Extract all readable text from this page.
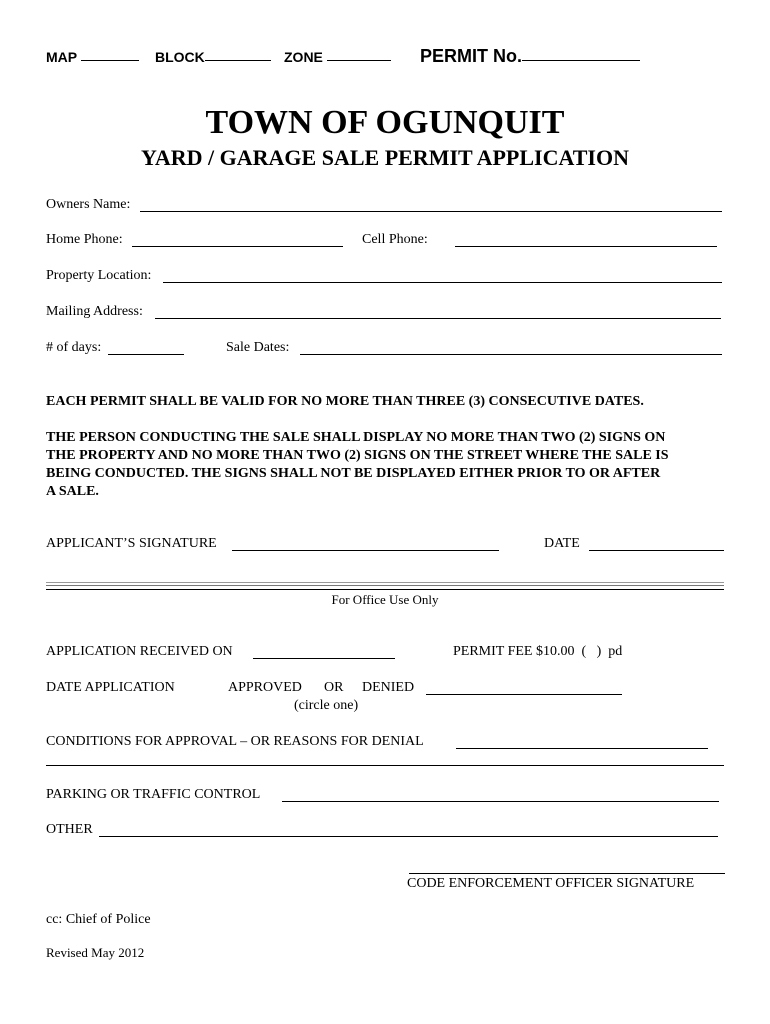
MAP	BLOCK	ZONE	PERMIT No.
TOWN OF OGUNQUIT
YARD / GARAGE SALE PERMIT APPLICATION
Owners Name:
Home Phone:	Cell Phone:
Property Location:
Mailing Address:
# of days:	Sale Dates:
EACH PERMIT SHALL BE VALID FOR NO MORE THAN THREE (3) CONSECUTIVE DATES.
THE PERSON CONDUCTING THE SALE SHALL DISPLAY NO MORE THAN TWO (2) SIGNS ON
THE PROPERTY AND NO MORE THAN TWO (2) SIGNS ON THE STREET WHERE THE SALE IS
BEING CONDUCTED. THE SIGNS SHALL NOT BE DISPLAYED EITHER PRIOR TO OR AFTER
A SALE.
APPLICANT’S SIGNATURE	DATE
For Office Use Only
APPLICATION RECEIVED ON	PERMIT FEE $10.00  (   )  pd
DATE APPLICATION	APPROVED OR DENIED
(circle one)
CONDITIONS FOR APPROVAL – OR REASONS FOR DENIAL
PARKING OR TRAFFIC CONTROL
OTHER
CODE ENFORCEMENT OFFICER SIGNATURE
cc: Chief of Police
Revised May 2012
